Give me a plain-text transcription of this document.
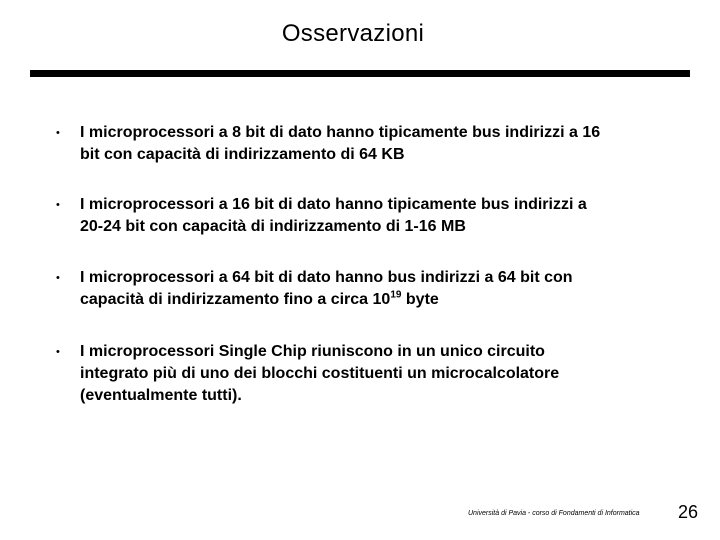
Osservazioni
• I microprocessori a 8 bit di dato hanno tipicamente bus indirizzi a 16
bit con capacità di indirizzamento di 64 KB
• I microprocessori a 16 bit di dato hanno tipicamente bus indirizzi a
20-24 bit con capacità di indirizzamento di 1-16 MB
• I microprocessori a 64 bit di dato hanno bus indirizzi a 64 bit con
capacità di indirizzamento fino a circa $10^{19}$ byte
• I microprocessori Single Chip riuniscono in un unico circuito
integrato più di uno dei blocchi costituenti un microcalcolatore
(eventualmente tutti).
Università di Pavia - corso di Fondamenti di Informatica 26
